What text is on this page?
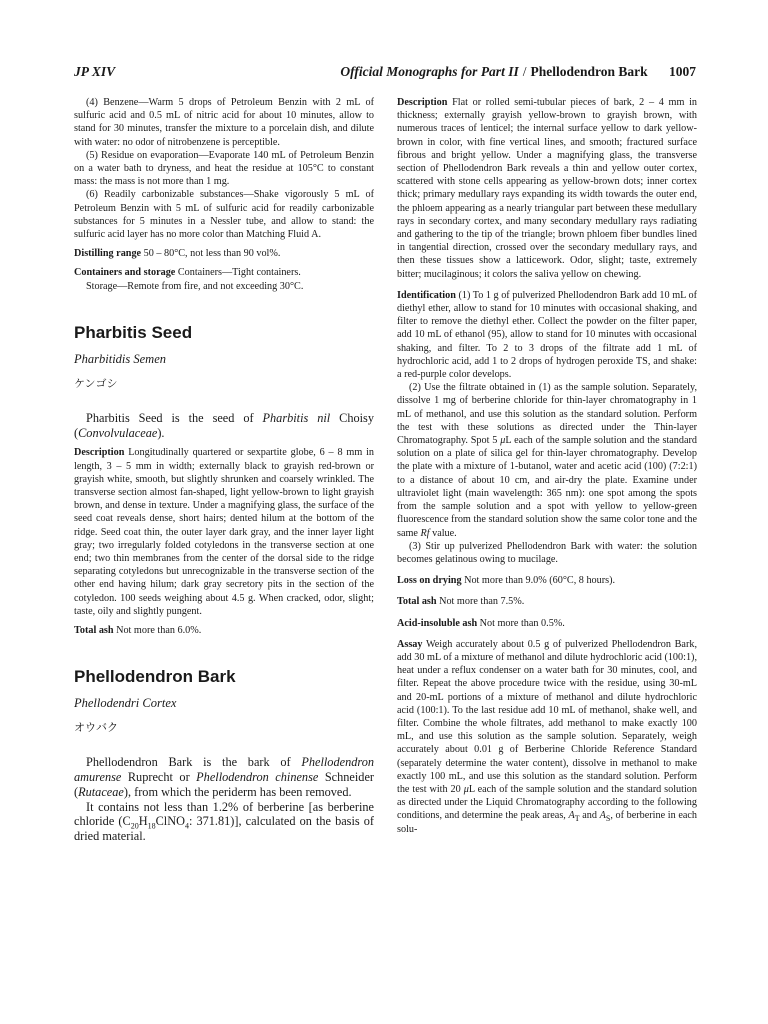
JP XIV	Official Monographs for Part II / Phellodendron Bark 1007

(4) Benzene—Warm 5 drops of Petroleum Benzin with 2 mL of sulfuric acid and 0.5 mL of nitric acid for about 10 minutes, allow to stand for 30 minutes, transfer the mixture to a porcelain dish, and dilute with water: no odor of nitrobenzene is perceptible.

(5) Residue on evaporation—Evaporate 140 mL of Petroleum Benzin on a water bath to dryness, and heat the residue at 105°C to constant mass: the mass is not more than 1 mg.

(6) Readily carbonizable substances—Shake vigorously 5 mL of Petroleum Benzin with 5 mL of sulfuric acid for readily carbonizable substances for 5 minutes in a Nessler tube, and allow to stand: the sulfuric acid layer has no more color than Matching Fluid A.

Distilling range 50 – 80°C, not less than 90 vol%.

Containers and storage Containers—Tight containers.

Storage—Remote from fire, and not exceeding 30°C.

Pharbitis Seed
Pharbitidis Semen
ケンゴシ

Pharbitis Seed is the seed of Pharbitis nil Choisy (Convolvulaceae).

Description Longitudinally quartered or sexpartite globe, 6 – 8 mm in length, 3 – 5 mm in width; externally black to grayish red-brown or grayish white, smooth, but slightly shrunken and coarsely wrinkled. The transverse section almost fan-shaped, light yellow-brown to light grayish brown, and dense in texture. Under a magnifying glass, the surface of the seed coat reveals dense, short hairs; dented hilum at the bottom of the ridge. Seed coat thin, the outer layer dark gray, and the inner layer light gray; two irregularly folded cotyledons in the transverse section at one end; two thin membranes from the center of the dorsal side to the ridge separating cotyledons but unrecognizable in the transverse section of the other end having hilum; dark gray secretory pits in the section of the cotyledon. 100 seeds weighing about 4.5 g. When cracked, odor, slight; taste, oily and slightly pungent.

Total ash Not more than 6.0%.

Phellodendron Bark
Phellodendri Cortex
オウバク

Phellodendron Bark is the bark of Phellodendron amurense Ruprecht or Phellodendron chinense Schneider (Rutaceae), from which the periderm has been removed.

It contains not less than 1.2% of berberine [as berberine chloride ($C_{20}H_{18}ClNO_4$: 371.81)], calculated on the basis of dried material.

Description Flat or rolled semi-tubular pieces of bark, 2 – 4 mm in thickness; externally grayish yellow-brown to grayish brown, with numerous traces of lenticel; the internal surface yellow to dark yellow-brown in color, with fine vertical lines, and smooth; fractured surface fibrous and bright yellow. Under a magnifying glass, the transverse section of Phellodendron Bark reveals a thin and yellow outer cortex, scattered with stone cells appearing as yellow-brown dots; inner cortex thick; primary medullary rays expanding its width towards the outer end, the phloem appearing as a nearly triangular part between these medullary rays in secondary cortex, and many secondary medullary rays radiating and gathering to the tip of the triangle; brown phloem fiber bundles lined in tangential direction, crossed over the secondary medullary rays, and then these tissues show a latticework. Odor, slight; taste, extremely bitter; mucilaginous; it colors the saliva yellow on chewing.

Identification (1) To 1 g of pulverized Phellodendron Bark add 10 mL of diethyl ether, allow to stand for 10 minutes with occasional shaking, and filter to remove the diethyl ether. Collect the powder on the filter paper, add 10 mL of ethanol (95), allow to stand for 10 minutes with occasional shaking, and filter. To 2 to 3 drops of the filtrate add 1 mL of hydrochloric acid, add 1 to 2 drops of hydrogen peroxide TS, and shake: a red-purple color develops.

(2) Use the filtrate obtained in (1) as the sample solution. Separately, dissolve 1 mg of berberine chloride for thin-layer chromatography in 1 mL of methanol, and use this solution as the standard solution. Perform the test with these solutions as directed under the Thin-layer Chromatography. Spot 5 μL each of the sample solution and the standard solution on a plate of silica gel for thin-layer chromatography. Develop the plate with a mixture of 1-butanol, water and acetic acid (100) (7:2:1) to a distance of about 10 cm, and air-dry the plate. Examine under ultraviolet light (main wavelength: 365 nm): one spot among the spots from the sample solution and a spot with yellow to yellow-green fluorescence from the standard solution show the same color tone and the same Rf value.

(3) Stir up pulverized Phellodendron Bark with water: the solution becomes gelatinous owing to mucilage.

Loss on drying Not more than 9.0% (60°C, 8 hours).

Total ash Not more than 7.5%.

Acid-insoluble ash Not more than 0.5%.

Assay Weigh accurately about 0.5 g of pulverized Phellodendron Bark, add 30 mL of a mixture of methanol and dilute hydrochloric acid (100:1), heat under a reflux condenser on a water bath for 30 minutes, cool, and filter. Repeat the above procedure twice with the residue, using 30-mL and 20-mL portions of a mixture of methanol and dilute hydrochloric acid (100:1). To the last residue add 10 mL of methanol, shake well, and filter. Combine the whole filtrates, add methanol to make exactly 100 mL, and use this solution as the sample solution. Separately, weigh accurately about 0.01 g of Berberine Chloride Reference Standard (separately determine the water content), dissolve in methanol to make exactly 100 mL, and use this solution as the standard solution. Perform the test with 20 μL each of the sample solution and the standard solution as directed under the Liquid Chromatography according to the following conditions, and determine the peak areas, $A_T$ and $A_S$, of berberine in each solu-
